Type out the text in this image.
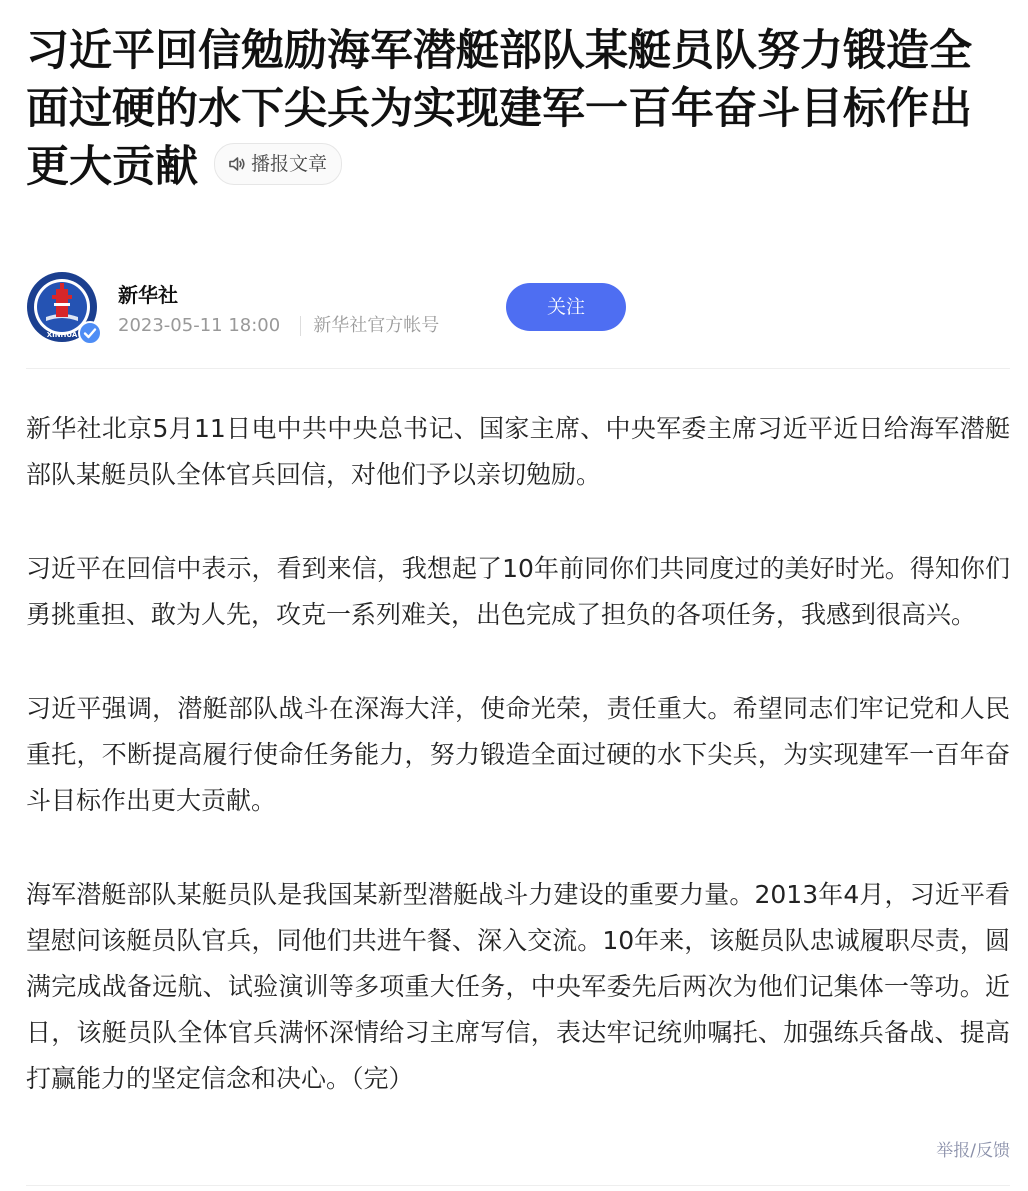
习近平回信勉励海军潜艇部队某艇员队努力锻造全面过硬的水下尖兵为实现建军一百年奋斗目标作出更大贡献	播报文章
XINHUA
新华社
2023-05-11 18:00 新华社官方帐号
关注

新华社北京5月11日电中共中央总书记、国家主席、中央军委主席习近平近日给海军潜艇部队某艇员队全体官兵回信，对他们予以亲切勉励。

习近平在回信中表示，看到来信，我想起了10年前同你们共同度过的美好时光。得知你们勇挑重担、敢为人先，攻克一系列难关，出色完成了担负的各项任务，我感到很高兴。

习近平强调，潜艇部队战斗在深海大洋，使命光荣，责任重大。希望同志们牢记党和人民重托，不断提高履行使命任务能力，努力锻造全面过硬的水下尖兵，为实现建军一百年奋斗目标作出更大贡献。

海军潜艇部队某艇员队是我国某新型潜艇战斗力建设的重要力量。2013年4月，习近平看望慰问该艇员队官兵，同他们共进午餐、深入交流。10年来，该艇员队忠诚履职尽责，圆满完成战备远航、试验演训等多项重大任务，中央军委先后两次为他们记集体一等功。近日，该艇员队全体官兵满怀深情给习主席写信，表达牢记统帅嘱托、加强练兵备战、提高打赢能力的坚定信念和决心。（完）

举报/反馈
